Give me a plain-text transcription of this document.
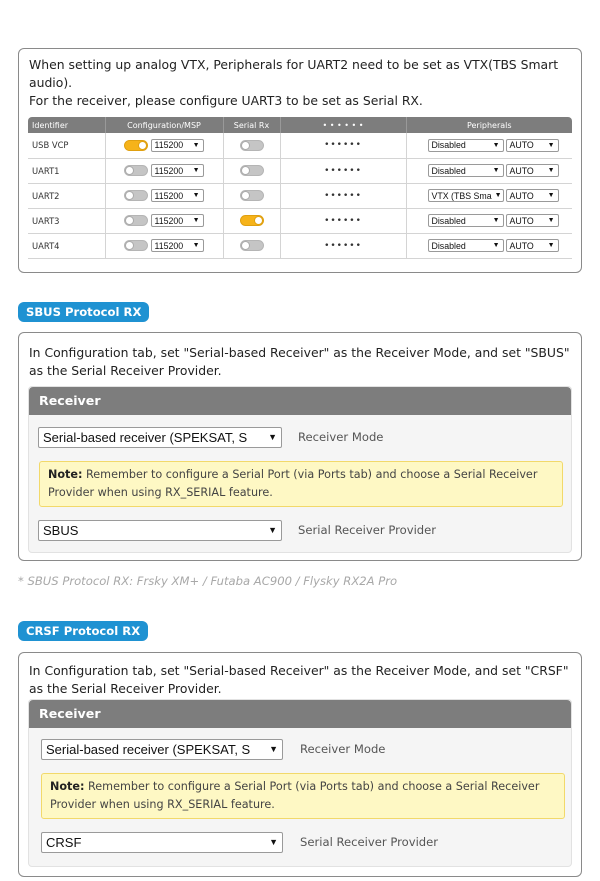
When setting up analog VTX, Peripherals for UART2 need to be set as VTX(TBS Smart audio).
For the receiver, please configure UART3 to be set as Serial RX.
Identifier	Configuration/MSP	Serial Rx	• • • • • •	Peripherals
USB VCP	115200 ▼		••••••	Disabled ▼ AUTO ▼

UART1	115200 ▼		••••••	Disabled ▼ AUTO ▼

UART2	115200 ▼		••••••	VTX (TBS Sma ▼ AUTO ▼

UART3	115200 ▼		••••••	Disabled ▼ AUTO ▼

UART4	115200 ▼		••••••	Disabled ▼ AUTO ▼
SBUS Protocol RX
In Configuration tab, set "Serial-based Receiver" as the Receiver Mode, and set "SBUS" as the Serial Receiver Provider.
Receiver
Serial-based receiver (SPEKSAT, S ▼ Receiver Mode
Note: Remember to configure a Serial Port (via Ports tab) and choose a Serial Receiver Provider when using RX_SERIAL feature.
SBUS	▼ Serial Receiver Provider
* SBUS Protocol RX: Frsky XM+ / Futaba AC900 / Flysky RX2A Pro
CRSF Protocol RX
In Configuration tab, set "Serial-based Receiver" as the Receiver Mode, and set "CRSF" as the Serial Receiver Provider.
Receiver
Serial-based receiver (SPEKSAT, S ▼ Receiver Mode
Note: Remember to configure a Serial Port (via Ports tab) and choose a Serial Receiver Provider when using RX_SERIAL feature.
CRSF	▼ Serial Receiver Provider
